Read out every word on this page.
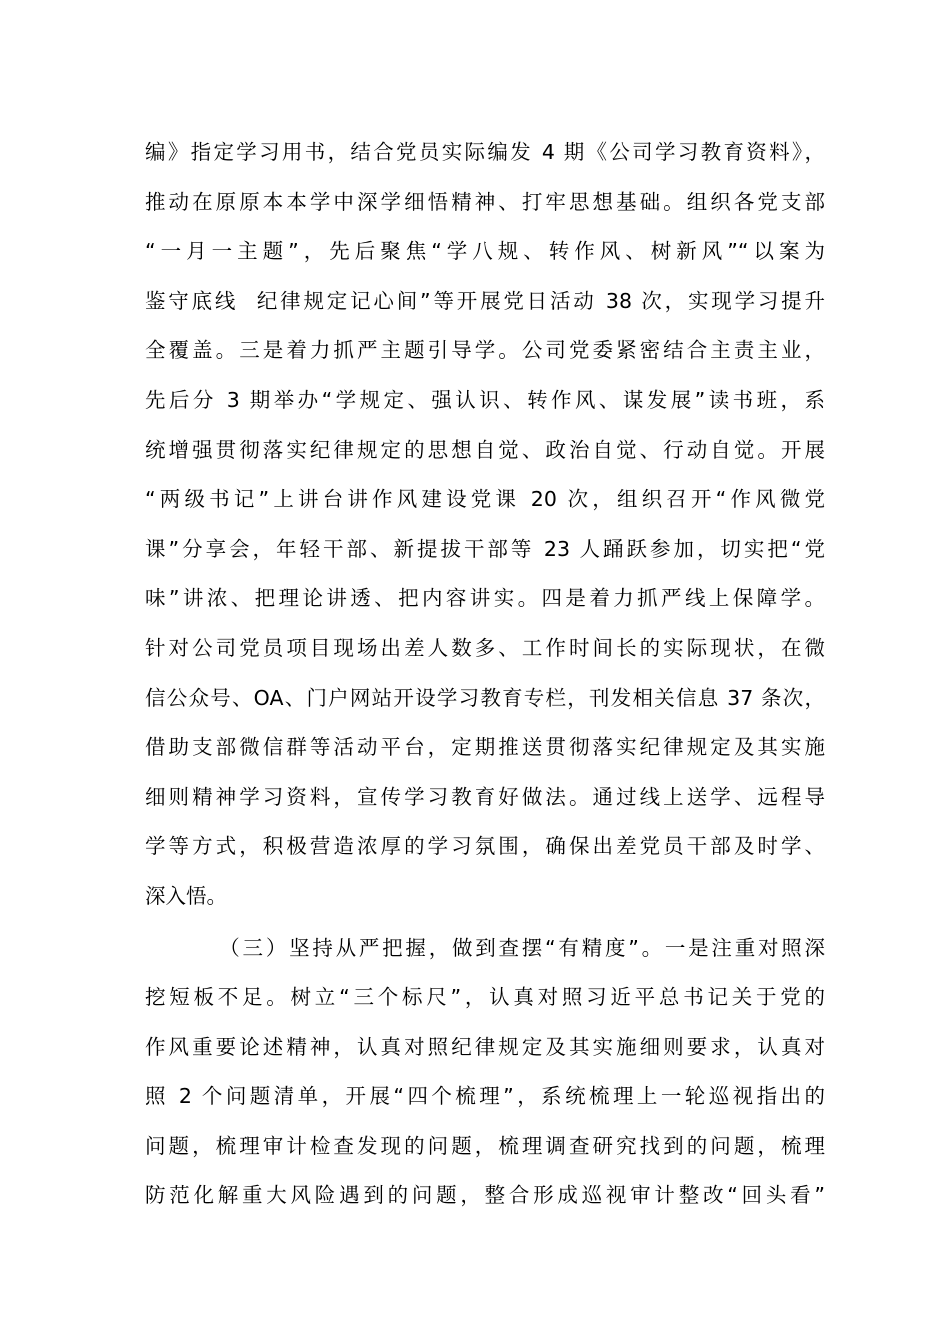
编》指定学习用书，结合党员实际编发 4 期《公司学习教育资料》，
推动在原原本本学中深学细悟精神、打牢思想基础。组织各党支部
“一月一主题”，先后聚焦“学八规、转作风、树新风”“以案为
鉴守底线  纪律规定记心间”等开展党日活动 38 次，实现学习提升
全覆盖。三是着力抓严主题引导学。公司党委紧密结合主责主业，
先后分 3 期举办“学规定、强认识、转作风、谋发展”读书班，系
统增强贯彻落实纪律规定的思想自觉、政治自觉、行动自觉。开展
“两级书记”上讲台讲作风建设党课 20 次，组织召开“作风微党
课”分享会，年轻干部、新提拔干部等 23 人踊跃参加，切实把“党
味”讲浓、把理论讲透、把内容讲实。四是着力抓严线上保障学。
针对公司党员项目现场出差人数多、工作时间长的实际现状，在微
信公众号、OA、门户网站开设学习教育专栏，刊发相关信息 37 条次，
借助支部微信群等活动平台，定期推送贯彻落实纪律规定及其实施
细则精神学习资料，宣传学习教育好做法。通过线上送学、远程导
学等方式，积极营造浓厚的学习氛围，确保出差党员干部及时学、
深入悟。
（三）坚持从严把握，做到查摆“有精度”。一是注重对照深
挖短板不足。树立“三个标尺”，认真对照习近平总书记关于党的
作风重要论述精神，认真对照纪律规定及其实施细则要求，认真对
照 2 个问题清单，开展“四个梳理”，系统梳理上一轮巡视指出的
问题，梳理审计检查发现的问题，梳理调查研究找到的问题，梳理
防范化解重大风险遇到的问题，整合形成巡视审计整改“回头看”
